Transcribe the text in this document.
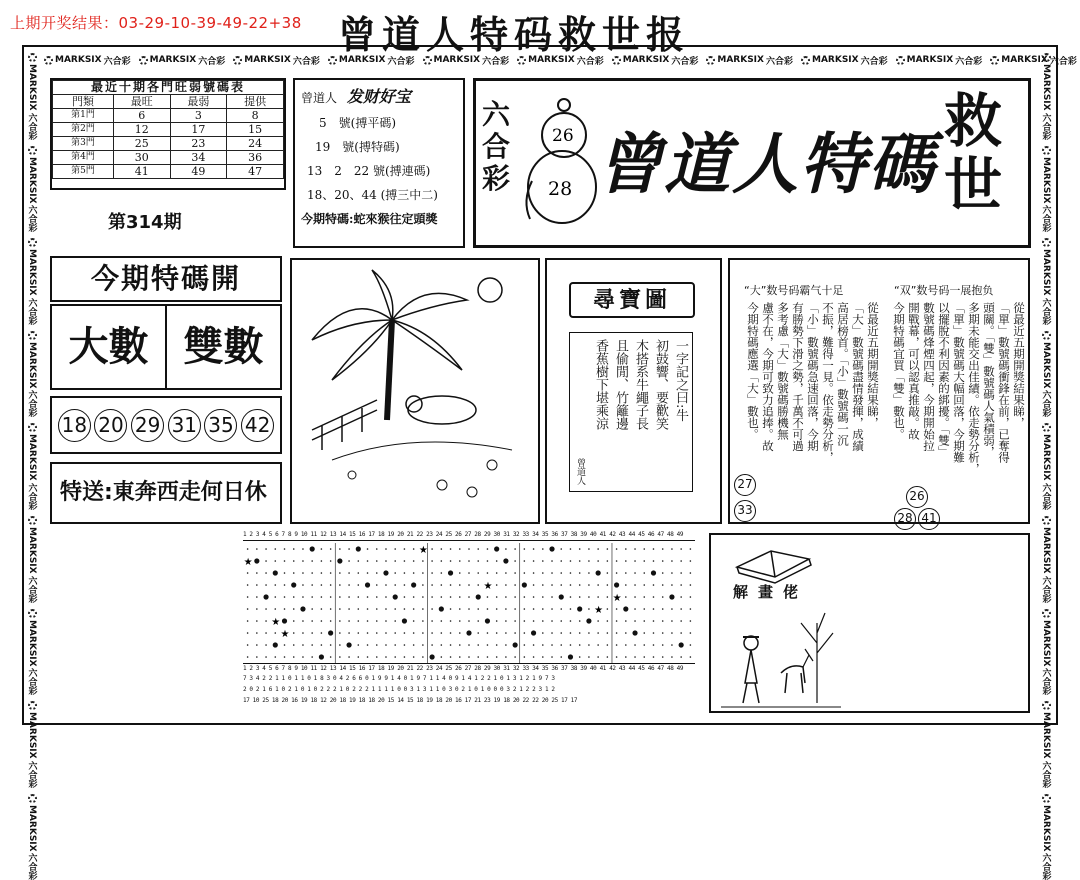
上期开奖结果：03-29-10-39-49-22+38 曾道人特码救世报
MARKSIX 六合彩 MARKSIX 六合彩 MARKSIX 六合彩 MARKSIX 六合彩 MARKSIX 六合彩 MARKSIX 六合彩 MARKSIX 六合彩 MARKSIX 六合彩 MARKSIX 六合彩 MARKSIX 六合彩 MARKSIX 六合彩
MARKSIX
六合彩
MARKSIX
六合彩
MARKSIX
六合彩
MARKSIX
六合彩
MARKSIX
六合彩
MARKSIX
六合彩
MARKSIX
六合彩
MARKSIX
六合彩
MARKSIX
六合彩
MARKSIX
六合彩
MARKSIX
六合彩
MARKSIX
六合彩
MARKSIX
六合彩
MARKSIX
六合彩
MARKSIX
六合彩
MARKSIX
六合彩
MARKSIX
六合彩
MARKSIX
六合彩
最近十期各門旺弱號碼表			
門類	最旺	最弱	提供
第1門	6	3	8
第2門	12	17	15
第3門	25	23	24
第4門	30	34	36
第5門	41	49	47
第314期
曾道人 发财好宝
5　號(搏平碼)
19　號(搏特碼)
13　2　22 號(搏連碼)
18、20、44 (搏三中二)
今期特碼:蛇來猴往定頭獎
六合彩
26
28 曾道人特碼
救
世
今期特碼開
大數 雙數
18 20 29 31 35 42
特送:東奔西走何日休
尋寶圖
一字記之曰:牛
初鼓響、要歡笑
木搭系牛繩子長
且偷閒、竹籬邊
香蕉樹下堪乘涼
曾道人
“大”数号码霸气十足	“双”数号码一展抱负
從最近五期開獎結果睇，
「大」數號碼盡情發揮，成績
高居榜首。「小」數號碼一沉
不振，難得一見。依走勢分析，
「小」數號碼急速回落，今期
有勝勢下滑之勢，千萬不可過
多考慮「大」數號碼勝機無
慮不在，今期可致力追捧。故
今期特碼應選「大」數也。	從最近五期開獎結果睇，
「單」數號碼衝鋒在前，已奪得
頭關。「雙」數號碼人氣積弱，
多期未能交出佳績。依走勢分析，
「單」數號碼大幅回落，今期難
以擺脫不利因素的綁擾。「雙」
數號碼烽煙四起，今期開始拉
開戰幕，可以認真推敲。故
今期特碼宜買「雙」數也。
27
33
26
28 41
1 2 3 4 5 6 7 8 9 10 11 12 13 14 15 16 17 18 19 20 21 22 23 24 25 26 27 28 29 30 31 32 33 34 35 36 37 38 39 40 41 42 43 44 45 46 47 48 49
★
★
★
★
★
★
★
1 2 3 4 5 6 7 8 9 10 11 12 13 14 15 16 17 18 19 20 21 22 23 24 25 26 27 28 29 30 31 32 33 34 35 36 37 38 39 40 41 42 43 44 45 46 47 48 49
7 3 4 2 2 1 1 0 1 1 0 1 8 3 0 4 2 6 6 0 1 9 9 1 4 0 1 9 7 1 1 4 0 9 1 4 1 2 2 1 0 1 3 1 2 1 9 7 3
2 0 2 1 6 1 0 2 1 0 1 0 2 2 2 1 0 2 2 2 1 1 1 1 0 0 3 1 3 1 1 0 3 0 2 1 0 1 0 0 0 3 2 1 2 2 3 1 2
17 10 25 18 20 16 19 18 12 20 18 19 18 18 20 15 14 15 18 19 18 20 16 17 21 23 19 18 20 22 22 20 25 17 17
解畫佬
